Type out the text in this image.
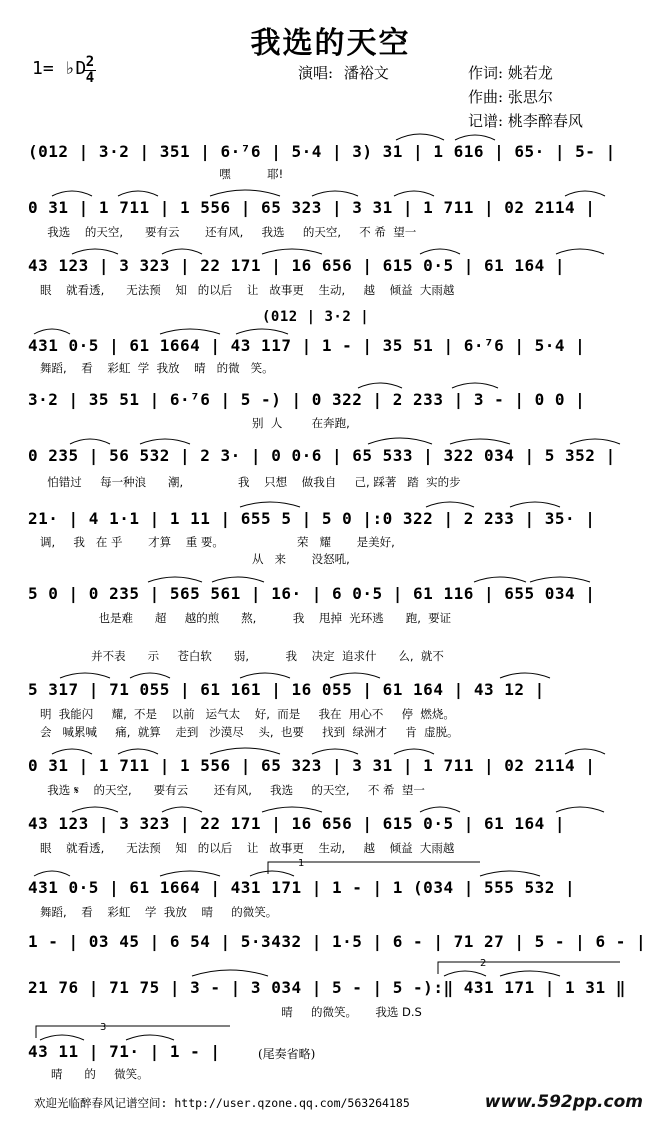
我选的天空
1= ♭D 2
4	演唱: 潘裕文	作词: 姚若龙
作曲: 张思尔
记谱: 桃李醉春风
(012 | 3·2 | 351 | 6·⁷6 | 5·4 | 3) 31 | 1 616 | 65· | 5- |
嘿          耶!
0 31 | 1 711 | 1 556 | 65 323 | 3 31 | 1 711 | 02 2114 |
我选    的天空,      要有云       还有风,     我选     的天空,     不 希  望一
43 123 | 3 323 | 22 171 | 16 656 | 615 0·5 | 61 164 |
眼    就看透,      无法预    知   的以后    让   故事更    生动,     越    倾益  大雨越
(012 | 3·2 |
431 0·5 | 61 1664 | 43 117 | 1 - | 35 51 | 6·⁷6 | 5·4 |
舞蹈,    看    彩虹  学  我放    晴   的微   笑。
3·2 | 35 51 | 6·⁷6 | 5 -) | 0 322 | 2 233 | 3 - | 0 0 |
别  人        在奔跑,
0 235 | 56 532 | 2 3· | 0 0·6 | 65 533 | 322 034 | 5 352 |
怕错过     每一种浪      潮,               我    只想    做我自     己, 踩著   踏  实的步
21· | 4 1·1 | 1 11 | 655 5 | 5 0 |:0 322 | 2 233 | 35· |
调,     我   在 乎       才算    重 要。                    荣   耀       是美好,
从   来       没怒吼,
5 0 | 0 235 | 565 561 | 16· | 6 0·5 | 61 116 | 655 034 |
也是难      超     越的煎      熬,          我    甩掉  光环逃      跑,  要证
并不表      示     苍白软      弱,          我    决定  追求什      么,  就不
5 317 | 71 055 | 61 161 | 16 055 | 61 164 | 43 12 |
明  我能闪     耀,  不是    以前   运气太    好,  而是     我在  用心不     停  燃烧。
会   喊累喊     痛,  就算    走到   沙漠尽    头,  也要     找到  绿洲才     肯  虚脱。
0 31 | 1 711 | 1 556 | 65 323 | 3 31 | 1 711 | 02 2114 |
我选 𝄋    的天空,      要有云       还有风,     我选     的天空,     不 希  望一
43 123 | 3 323 | 22 171 | 16 656 | 615 0·5 | 61 164 |
眼    就看透,      无法预    知   的以后    让   故事更    生动,     越    倾益  大雨越
1
431 0·5 | 61 1664 | 431 171 | 1 - | 1 (034 | 555 532 |
舞蹈,    看    彩虹    学  我放    晴     的微笑。
1 - | 03 45 | 6 54 | 5·3432 | 1·5 | 6 - | 71 27 | 5 - | 6 - |
2
21 76 | 71 75 | 3 - | 3 034 | 5 - | 5 -):‖ 431 171 | 1 31 ‖
晴     的微笑。     我选 D.S
3
43 11 | 71· | 1 - |	(尾奏省略)
晴      的     微笑。
欢迎光临醉春风记谱空间: http://user.qzone.qq.com/563264185	www.592pp.com
